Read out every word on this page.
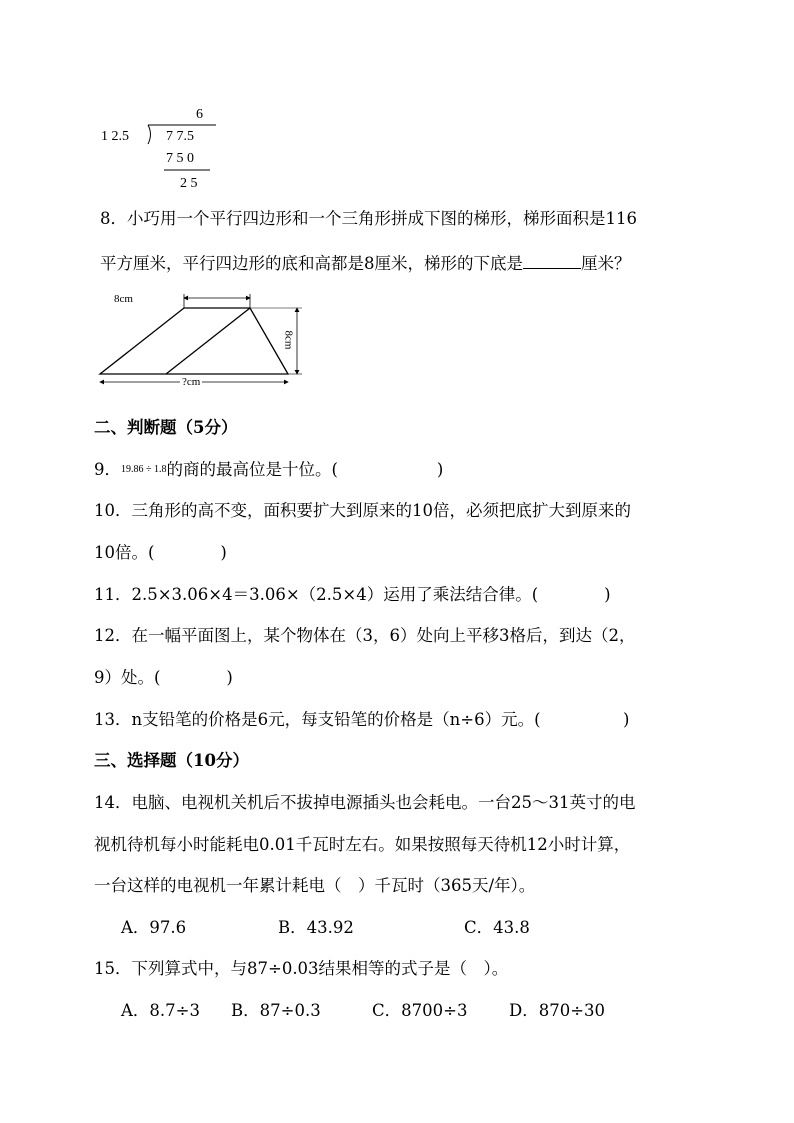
6
1 2.5	7 7.5
7 5 0
2 5
8．小巧用一个平行四边形和一个三角形拼成下图的梯形，梯形面积是116
平方厘米，平行四边形的底和高都是8厘米，梯形的下底是	厘米？
8cm
8cm
?cm
二、判断题（5分）
9．19.86 ÷ 1.8的商的最高位是十位。(　　　　　　)
10．三角形的高不变，面积要扩大到原来的10倍，必须把底扩大到原来的
10倍。(　　　　)
11．2.5×3.06×4＝3.06×（2.5×4）运用了乘法结合律。(　　　　)
12．在一幅平面图上，某个物体在（3，6）处向上平移3格后，到达（2，
9）处。(　　　　)
13．n支铅笔的价格是6元，每支铅笔的价格是（n÷6）元。(　　　　　)
三、选择题（10分）
14．电脑、电视机关机后不拔掉电源插头也会耗电。一台25～31英寸的电
视机待机每小时能耗电0.01千瓦时左右。如果按照每天待机12小时计算，
一台这样的电视机一年累计耗电（　）千瓦时（365天/年）。
A．97.6	B．43.92	C．43.8
15．下列算式中，与87÷0.03结果相等的式子是（　）。
A．8.7÷3 B．87÷0.3	C．8700÷3	D．870÷30
